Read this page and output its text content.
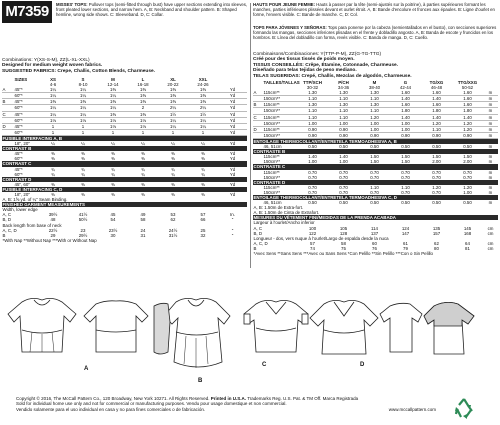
M7359	MISSES' TOPS: Pullover tops (semi-fitted through bust) have upper sections extending into sleeves, front pleated lower sections, and narrow hem. A, B: Neckband and shoulder pattern. B: Shaped hemline, wrong side shows. C: Sleeveband. D, C: Collar.
HAUTS POUR JEUNE FEMME: Hauts à passer par la tête (semi-ajustés sur la poitrine), à parties supérieures formant les manches, parties inférieures plissées devant et ourlet étroit. A, B: Bande d'encolure et fronces aux épaules. B: Ligne d'ourlet en forme, l'envers visible. C: Bande de manche. C, D: Col.
TOPS PARA JÓVENES Y SEÑORAS: Tops para ponerse por la cabeza (semientallados en el busto), con secciones superiores formando las mangas, secciones inferiores plisadas en el frente y dobladillo angosto. A, B: Banda de escote y fruncidos en los hombros. B: Línea del dobladillo con forma, revés visible. C: Banda de manga. D, C: Cuello.
Combinations: Y(XS-S-M), ZZ(L-XL-XXL)
Designed for medium weight woven fabrics.
SUGGESTED FABRICS: Crepe, Challis, Cotton Blends, Charmeuse.
	SIZES	XS	S	M	L	XL	XXL	
		4-6	8-10	12-14	16-18	20-22	24-26	
A	45"*	1¼	1¼	1⅜	1⅜	1⅜	1⅜	Yd
	60"*	1¼	1¼	1¼	1⅜	1⅜	1⅜	Yd
B	45"*	1⅜	1⅜	1⅜	1⅜	1⅜	1⅜	Yd
	60"*	1¼	1¼	1¼	2	2¼	2¼	Yd
C	45"*	1¼	1¼	1⅜	1⅜	1½	1½	Yd
	60"*	1⅛	1⅛	1⅛	1⅛	1¼	1¼	Yd
D	45"*	1	1	1⅛	1⅛	1¼	1¼	Yd
	60"*	1	1	1	1	1	1	Yd
FUSIBLE INTERFACING A, B								
	18", 20"	¼	¼	¼	¼	¼	¼	Yd
CONTRAST B								
	45"*	⅜	⅜	⅜	⅜	⅜	⅜	Yd
	60"*	⅜	⅜	⅜	⅜	⅜	⅜	Yd
CONTRAST C								
	45"*	¾	¾	¾	¾	¾	¾	Yd
	60"*	¾	¾	¾	¾	¾	¾	Yd
CONTRAST D								
	45", 60"	⅜	⅜	⅜	⅜	⅜	⅜	Yd
FUSIBLE INTERFACING C, D								
	18", 20"	⅜	⅜	⅜	⅜	⅜	⅜	Yd
A, B: 1⅝ yd. of ¼" Seam Binding.								
FINISHED GARMENT MEASUREMENTS								
Width, lower edge								
A, C		39½	41½	45	49	53	57	In.
B, D		48	50½	54	58	62	66	"
Back length from base of neck								
A, C, D		22½	23	23½	24	24½	25	"
B		29	29½	30	31	31½	32	"
*With Nap **Without Nap ***With or Without Nap								
Combinaisons/Combinaciones: Y(TTP-P-M), ZZ(G-TG-TTG)
Créé pour des tissus tissés de poids moyen.
TISSUS CONSEILLÉS: Crêpe, Étamine, Cotonnade, Charmeuse.
Diseñado para telas tejidas de peso mediano.
TELAS SUGERIDAS: Crepé, Challís, Mezclas de algodón, Charmeuse.
	TAILLES/TALLAS	TTP/XCH	P/CH	M	G	TG/XG	TTG/XXG	
		30-32	34-36	38-40	42-44	46-48	50-52	
A	115cm**	1.30	1.30	1.30	1.60	1.60	1.60	m
	150cm**	1.10	1.10	1.10	1.40	1.40	1.60	m
B	115cm**	1.30	1.30	1.30	1.60	1.60	1.60	m
	150cm**	1.10	1.10	1.10	1.80	1.80	1.80	m
C	115cm**	1.10	1.10	1.20	1.40	1.40	1.40	m
	150cm**	1.00	1.00	1.00	1.00	1.20	1.20	m
D	115cm**	0.90	0.90	1.00	1.00	1.10	1.20	m
	150cm**	0.90	0.90	0.90	0.90	0.90	0.90	m
ENTOILAGE THERMOCOLLANT/ENTRETELA TERMOADHESIVA A, B								
	46, 51cm	0.50	0.50	0.50	0.50	0.50	0.50	m
CONTRASTE B								
	115cm**	1.40	1.40	1.50	1.50	1.50	1.50	m
	150cm**	1.00	1.00	1.50	1.50	2.00	2.00	m
CONTRASTE C								
	115cm**	0.70	0.70	0.70	0.70	0.70	0.70	m
	150cm**	0.70	0.70	0.70	0.70	0.70	0.70	m
CONTRASTE D								
	115cm**	0.70	0.70	1.10	1.10	1.20	1.20	m
	150cm**	0.70	0.70	0.70	0.70	0.70	1.00	m
ENTOILAGE THERMOCOLLANT/ENTRETELA TERMOADHESIVA C, D								
	46, 51cm	0.50	0.50	0.50	0.50	0.50	0.50	m
A, B: 1.50m de Extra-fort.								
A, B: 1.50m de Cinta de Extrafort.								
MESURES DU VÊTEMENT FINI/MEDIDAS DE LA PRENDA ACABADA								
Largeur à l'ourlet/Ancho inferior								
A, C		100	105	114	124	135	145	cm
B, D		122	128	137	147	157	168	cm
Longueur - dos, vers nuque à l'ourlet/Largo de espalda desde la nuca								
A, C, D		57	58	60	61	62	64	cm
B		74	75	76	79	80	81	cm
*Avec Sens **Sans Sens ***Avec ou Sans Sens *Con Pelillo **Sin Pelillo ***Con o Sin Pelillo								
A
B
C	D
Copyright © 2016, The McCall Pattern Co., 120 Broadway, New York 10271. All Rights Reserved. Printed in U.S.A. Trademarks Reg. U.S. Pat. & TM Off. Marca Registrada
Sold for individual home use only and not for commercial or manufacturing purposes. Vendu pour usage domestique et non commercial.
Vendido solamente para el uso individual en casa y no para fines comerciales o de fabricación.	www.mccallpattern.com
